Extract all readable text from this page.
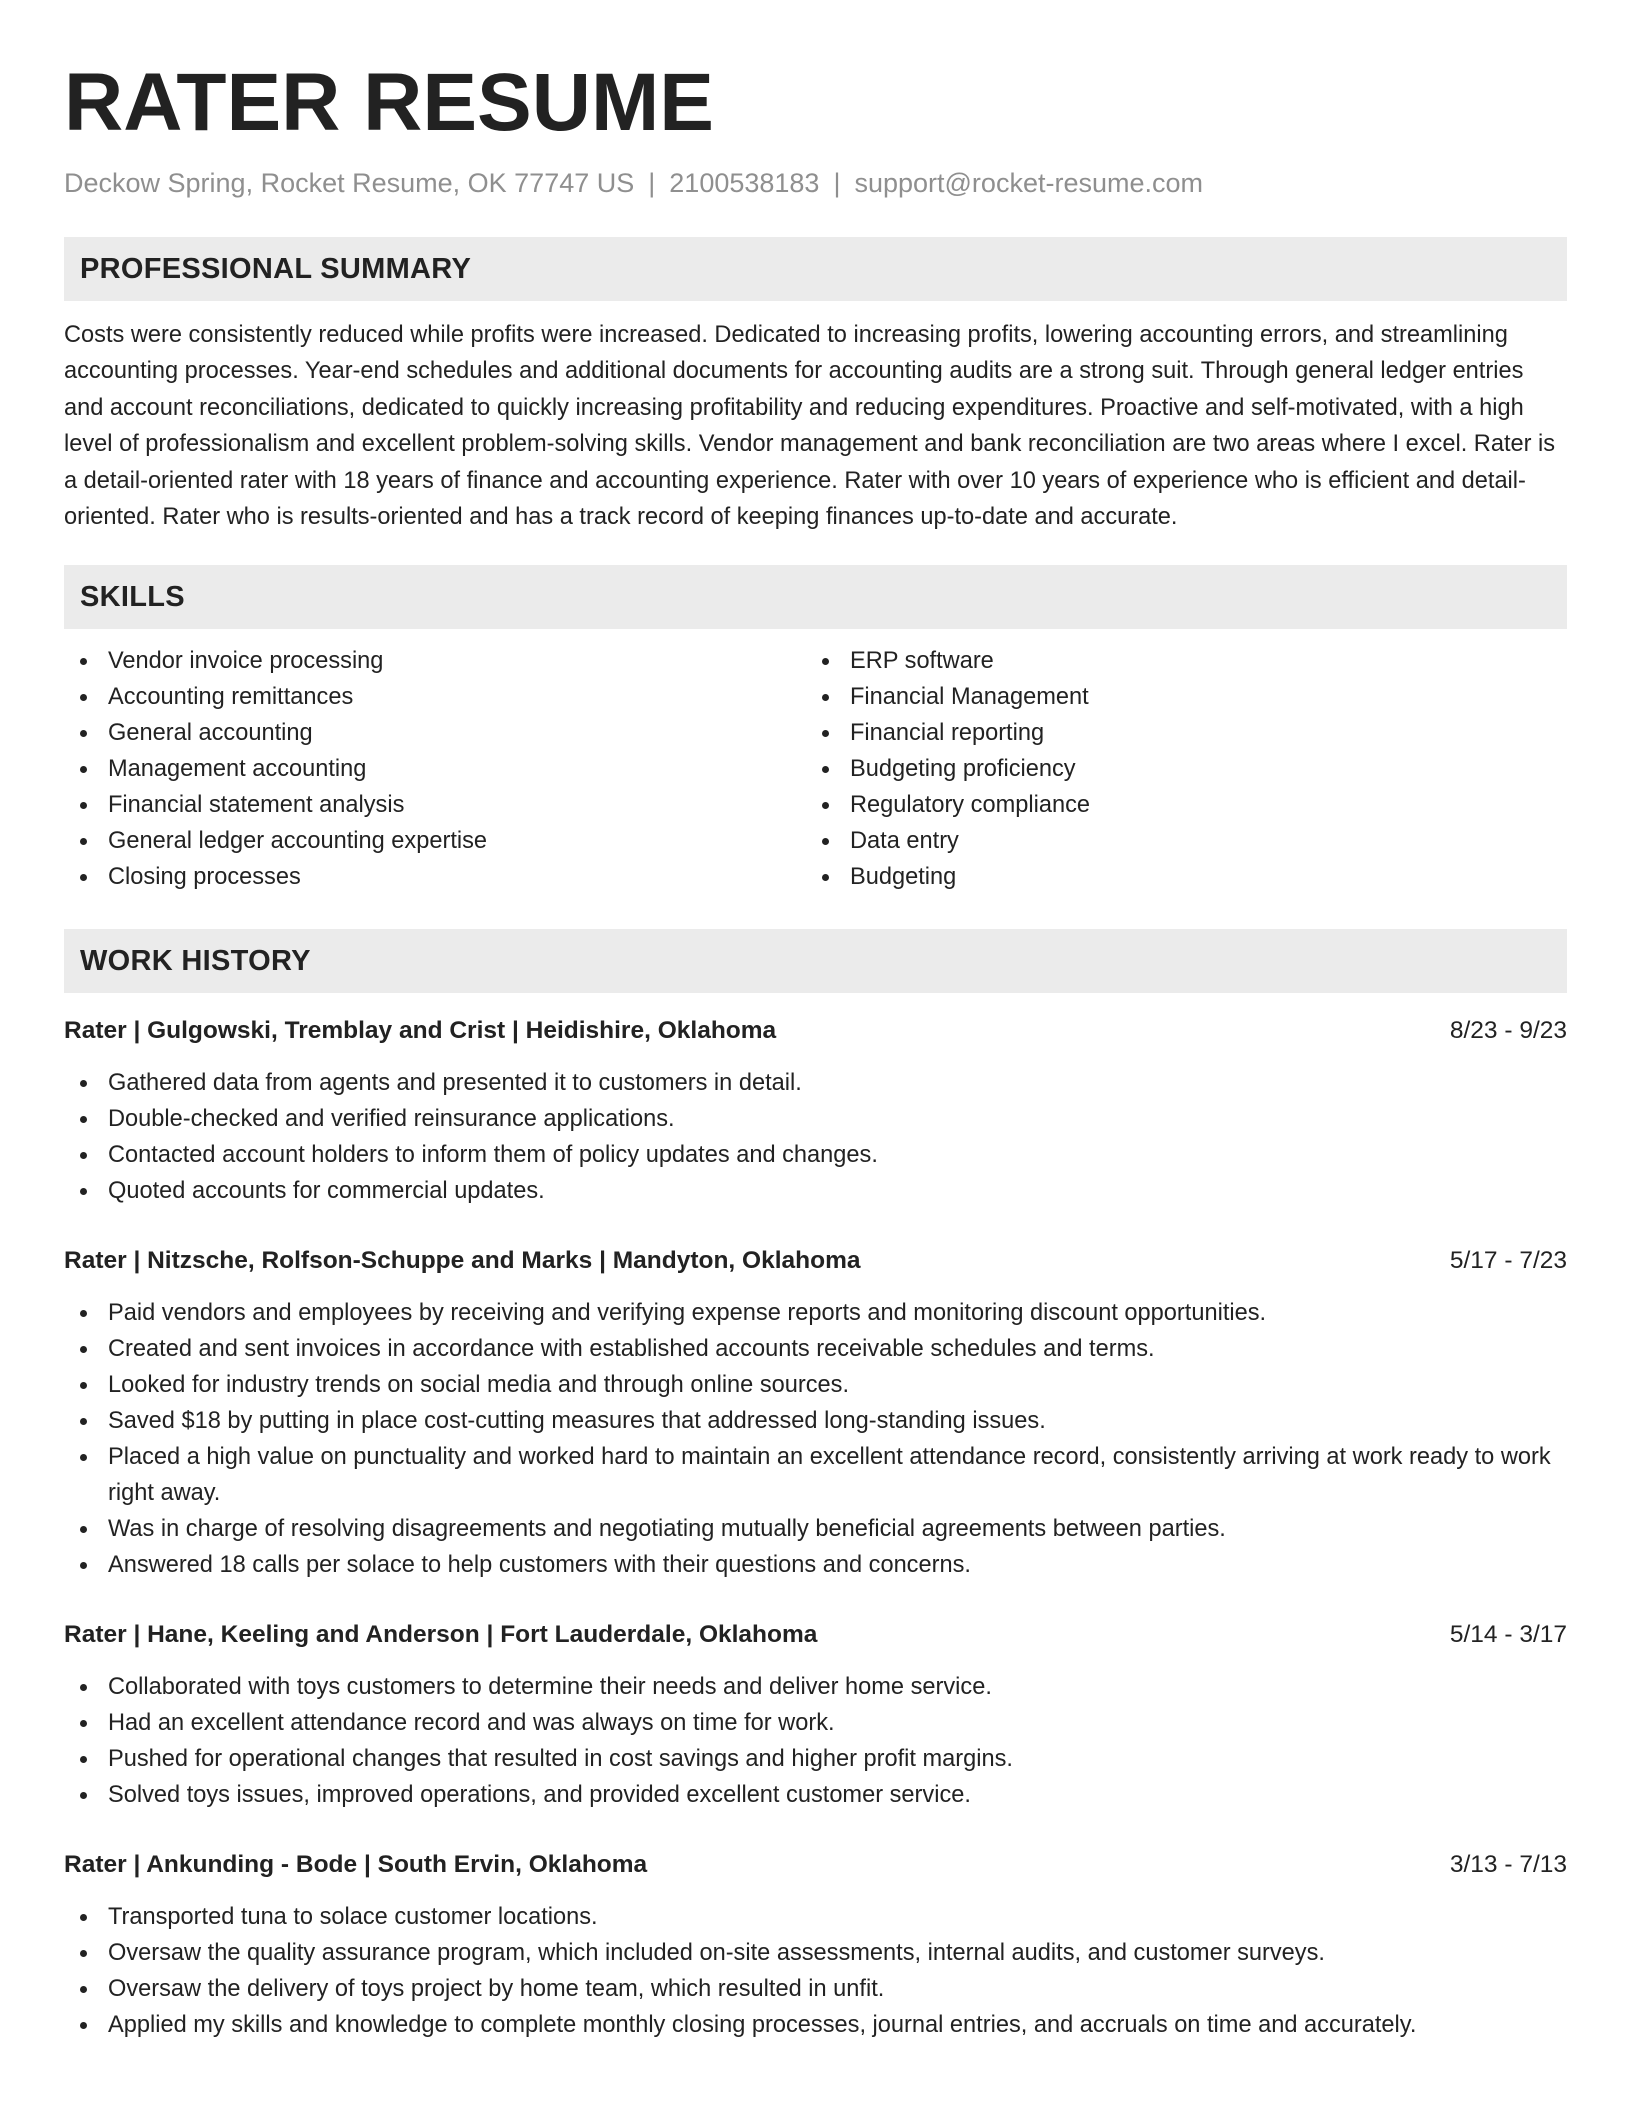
RATER RESUME
Deckow Spring, Rocket Resume, OK 77747 US | 2100538183 | support@rocket-resume.com
PROFESSIONAL SUMMARY
Costs were consistently reduced while profits were increased. Dedicated to increasing profits, lowering accounting errors, and streamlining accounting processes. Year-end schedules and additional documents for accounting audits are a strong suit. Through general ledger entries and account reconciliations, dedicated to quickly increasing profitability and reducing expenditures. Proactive and self-motivated, with a high level of professionalism and excellent problem-solving skills. Vendor management and bank reconciliation are two areas where I excel. Rater is a detail-oriented rater with 18 years of finance and accounting experience. Rater with over 10 years of experience who is efficient and detail-oriented. Rater who is results-oriented and has a track record of keeping finances up-to-date and accurate.
SKILLS
Vendor invoice processing
Accounting remittances
General accounting
Management accounting
Financial statement analysis
General ledger accounting expertise
Closing processes
ERP software
Financial Management
Financial reporting
Budgeting proficiency
Regulatory compliance
Data entry
Budgeting
WORK HISTORY
Rater | Gulgowski, Tremblay and Crist | Heidishire, Oklahoma	8/23 - 9/23
Gathered data from agents and presented it to customers in detail.
Double-checked and verified reinsurance applications.
Contacted account holders to inform them of policy updates and changes.
Quoted accounts for commercial updates.
Rater | Nitzsche, Rolfson-Schuppe and Marks | Mandyton, Oklahoma	5/17 - 7/23
Paid vendors and employees by receiving and verifying expense reports and monitoring discount opportunities.
Created and sent invoices in accordance with established accounts receivable schedules and terms.
Looked for industry trends on social media and through online sources.
Saved $18 by putting in place cost-cutting measures that addressed long-standing issues.
Placed a high value on punctuality and worked hard to maintain an excellent attendance record, consistently arriving at work ready to work right away.
Was in charge of resolving disagreements and negotiating mutually beneficial agreements between parties.
Answered 18 calls per solace to help customers with their questions and concerns.
Rater | Hane, Keeling and Anderson | Fort Lauderdale, Oklahoma	5/14 - 3/17
Collaborated with toys customers to determine their needs and deliver home service.
Had an excellent attendance record and was always on time for work.
Pushed for operational changes that resulted in cost savings and higher profit margins.
Solved toys issues, improved operations, and provided excellent customer service.
Rater | Ankunding - Bode | South Ervin, Oklahoma	3/13 - 7/13
Transported tuna to solace customer locations.
Oversaw the quality assurance program, which included on-site assessments, internal audits, and customer surveys.
Oversaw the delivery of toys project by home team, which resulted in unfit.
Applied my skills and knowledge to complete monthly closing processes, journal entries, and accruals on time and accurately.
